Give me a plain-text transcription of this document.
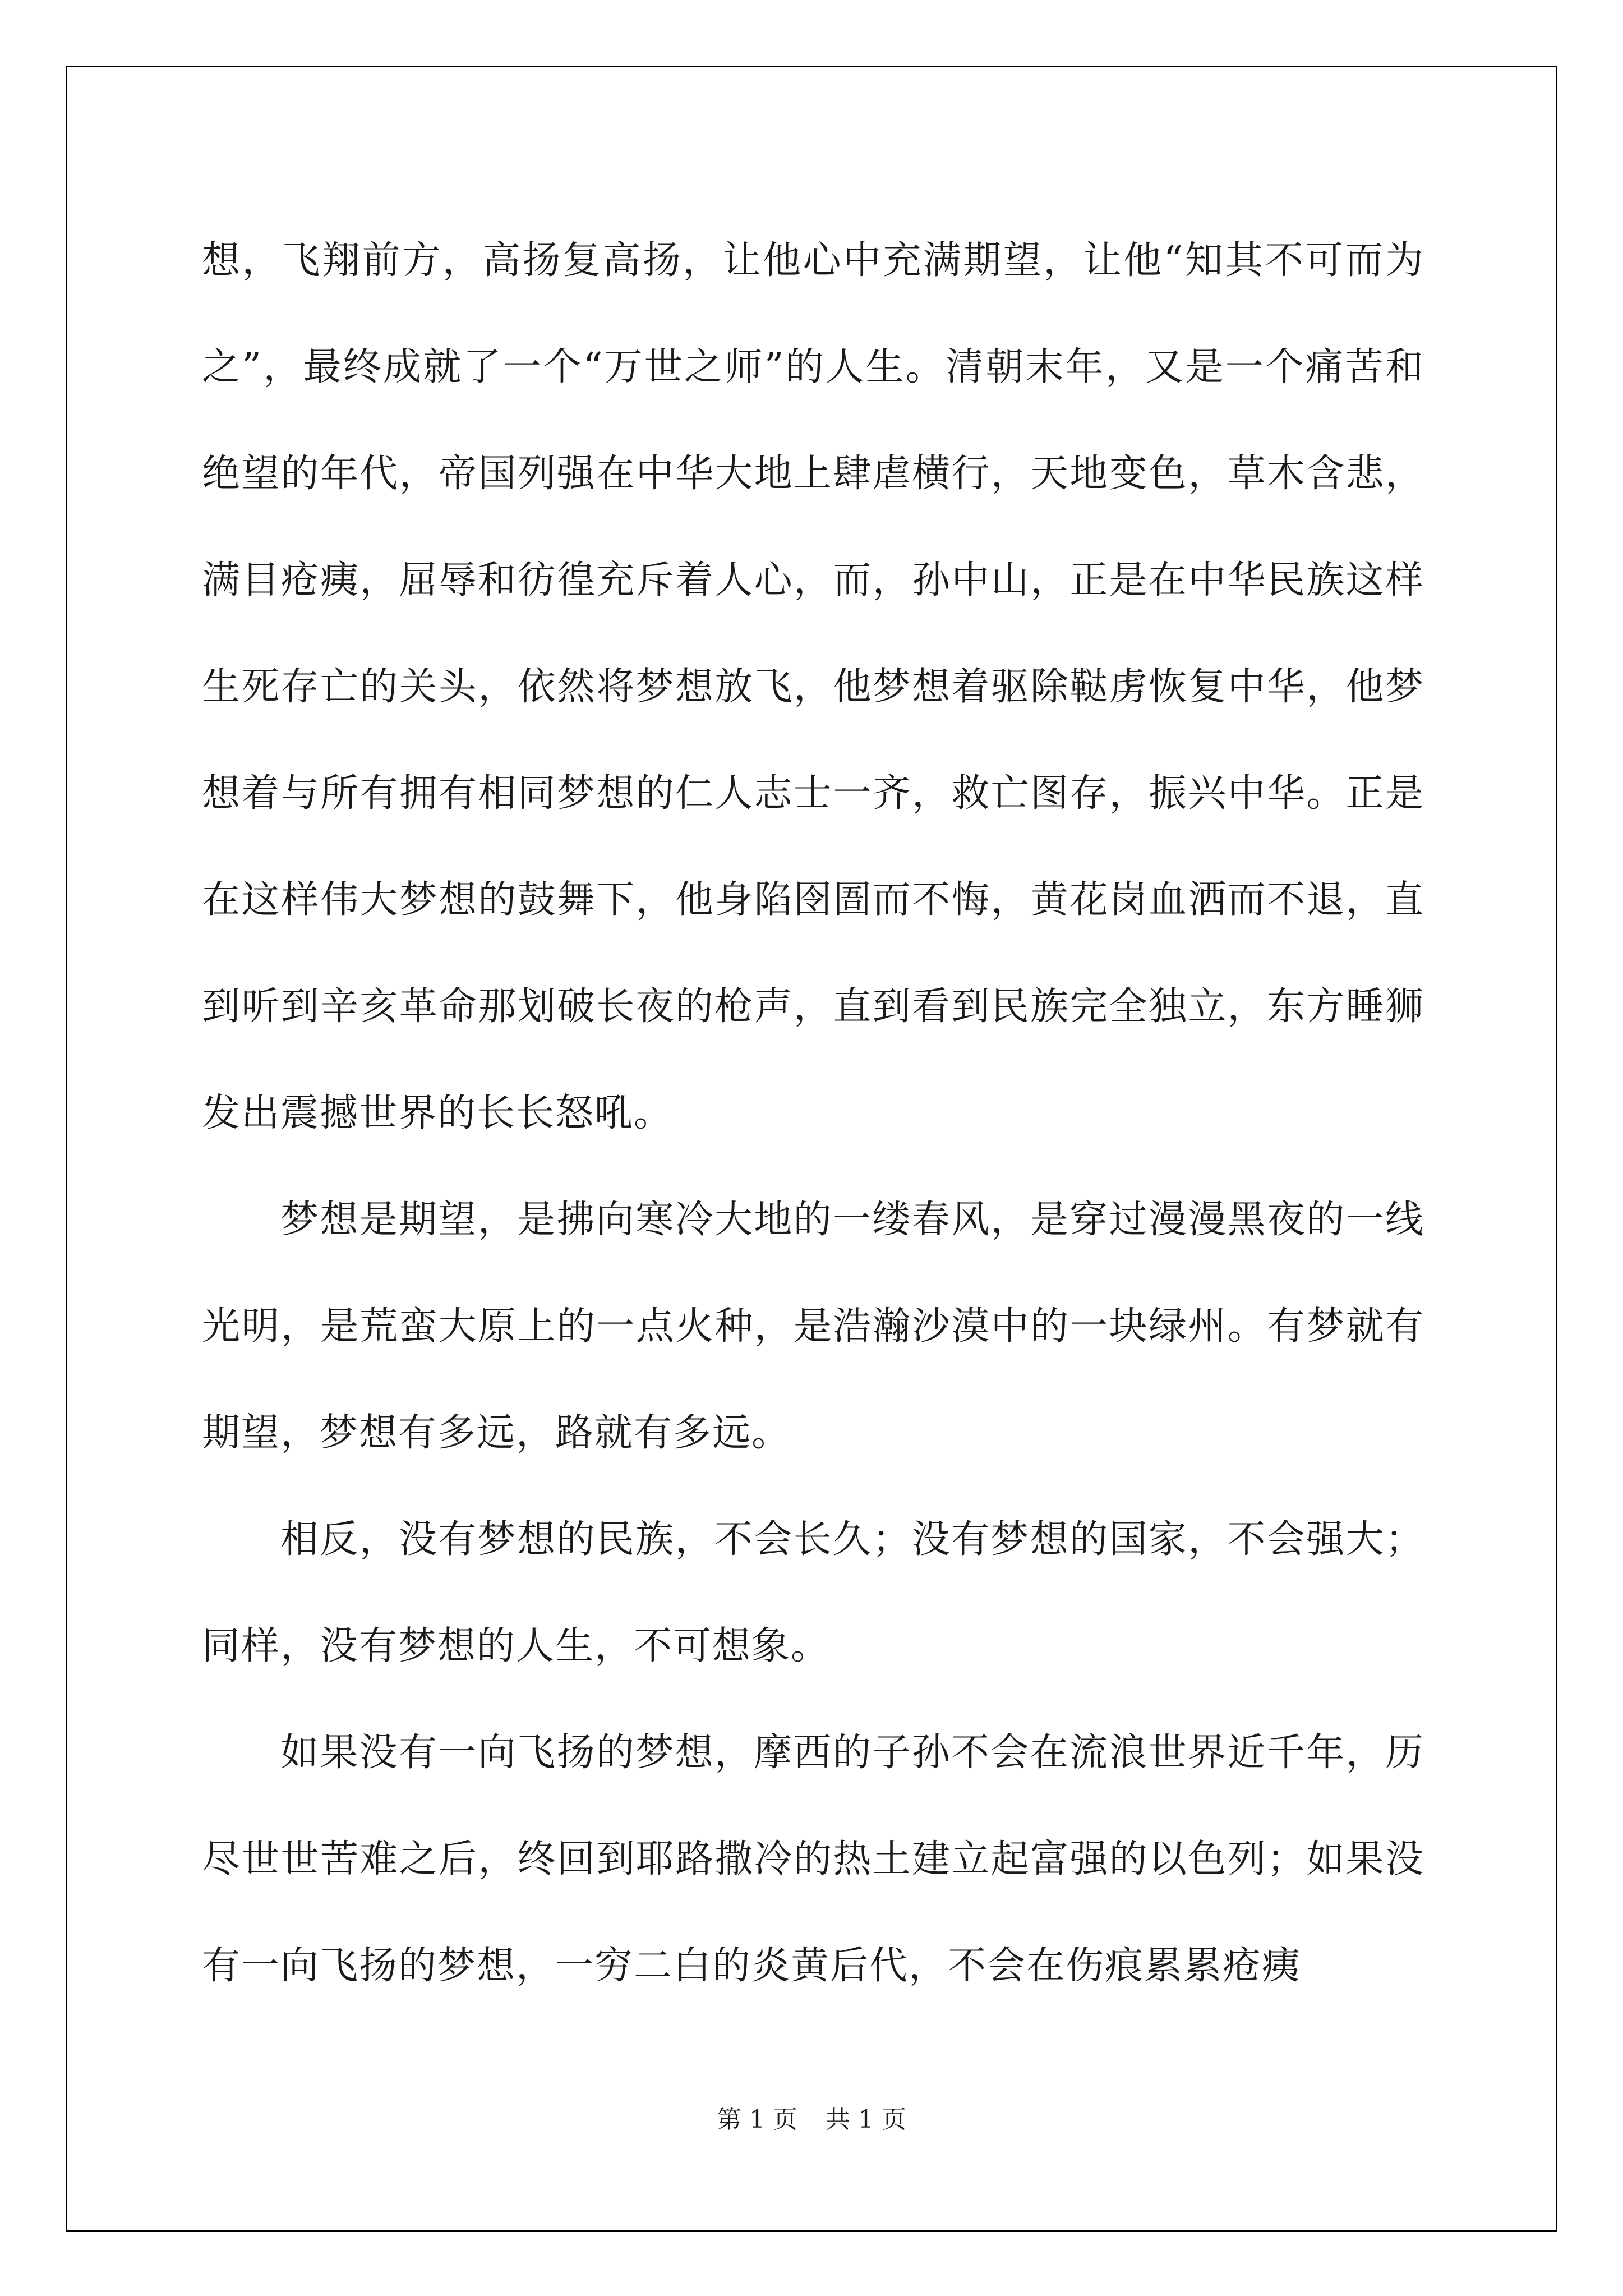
想，飞翔前方，高扬复高扬，让他心中充满期望，让他“知其不可而为之”，最终成就了一个“万世之师”的人生。清朝末年，又是一个痛苦和绝望的年代，帝国列强在中华大地上肆虐横行，天地变色，草木含悲，满目疮痍，屈辱和彷徨充斥着人心，而，孙中山，正是在中华民族这样生死存亡的关头，依然将梦想放飞，他梦想着驱除鞑虏恢复中华，他梦想着与所有拥有相同梦想的仁人志士一齐，救亡图存，振兴中华。正是在这样伟大梦想的鼓舞下，他身陷囹圄而不悔，黄花岗血洒而不退，直到听到辛亥革命那划破长夜的枪声，直到看到民族完全独立，东方睡狮发出震撼世界的长长怒吼。

梦想是期望，是拂向寒冷大地的一缕春风，是穿过漫漫黑夜的一线光明，是荒蛮大原上的一点火种，是浩瀚沙漠中的一块绿州。有梦就有期望，梦想有多远，路就有多远。

相反，没有梦想的民族，不会长久；没有梦想的国家，不会强大；同样，没有梦想的人生，不可想象。

如果没有一向飞扬的梦想，摩西的子孙不会在流浪世界近千年，历尽世世苦难之后，终回到耶路撒冷的热土建立起富强的以色列；如果没有一向飞扬的梦想，一穷二白的炎黄后代，不会在伤痕累累疮痍

第 1 页 共 1 页
